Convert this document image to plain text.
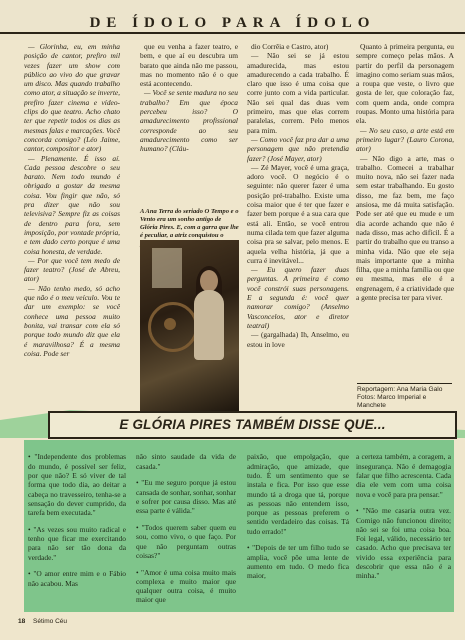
DE ÍDOLO PARA ÍDOLO

— Glorinha, eu, em minha posição de cantor, prefiro mil vezes fazer um show com público ao vivo do que gravar um disco. Mas quando trabalho como ator, a situação se inverte, prefiro fazer cinema e vídeo-clips do que teatro. Acho chato ter que repetir todos os dias as mesmas falas e marcações. Você concorda comigo? (Léo Jaime, cantor, compositor e ator)

— Plenamente. É isso aí. Cada pessoa descobre o seu barato. Nem todo mundo é obrigado a gostar da mesma coisa. Vou fingir que não, só pra dizer que não sou televisiva? Sempre fiz as coisas de dentro para fora, sem imposição, por vontade própria, e tem dado certo porque é uma coisa honesta, de verdade.

— Por que você tem medo de fazer teatro? (José de Abreu, ator)

— Não tenho medo, só acho que não é o meu veículo. Vou te dar um exemplo: se você conhece uma pessoa muito bonita, vai transar com ela só porque todo mundo diz que ela é maravilhosa? É a mesma coisa. Pode ser

que eu venha a fazer teatro, e bem, e que aí eu descubra um barato que ainda não me passou, mas no momento não é o que está acontecendo.

— Você se sente madura no seu trabalho? Em que época percebeu isso? O amadurecimento profissional corresponde ao seu amadurecimento como ser humano? (Cláu-

dio Corrêia e Castro, ator)

— Não sei se já estou amadurecida, mas estou amadurecendo a cada trabalho. É claro que isso é uma coisa que corre junto com a vida particular. Não sei qual das duas vem primeiro, mas que elas correm paralelas, correm. Pelo menos para mim.

— Como você faz pra dar a uma personagem que não pretendia fazer? (José Mayer, ator)

— Zé Mayer, você é uma graça, adoro você. O negócio é o seguinte: não querer fazer é uma posição pré-trabalho. Existe uma coisa maior que é ter que fazer e fazer bem porque é a sua cara que está ali. Então, se você entrou numa cilada tem que fazer alguma coisa pra se salvar, pelo menos. E aquela velha história, já que a curra é inevitável...

— Eu quero fazer duas perguntas. A primeira é como você constrói suas personagens. E a segunda é: você quer namorar comigo? (Anselmo Vasconcelos, ator e diretor teatral)

— (gargalhada) Ih, Anselmo, eu estou in love

Quanto à primeira pergunta, eu sempre começo pelas mãos. A partir do perfil da personagem imagino como seriam suas mãos, a roupa que veste, o livro que gosta de ler, que coloração faz, com quem anda, onde compra roupas. Monto uma história para ela.

— No seu caso, a arte está em primeiro lugar? (Lauro Corona, ator)

— Não digo a arte, mas o trabalho. Comecei a trabalhar muito nova, não sei fazer nada sem estar trabalhando. Eu gosto disso, me faz bem, me faço ansiosa, me dá muita satisfação. Pode ser até que eu mude e um dia acorde achando que não é nada disso, mas acho difícil. É a partir do trabalho que eu transo a minha vida. Não que ele seja mais importante que a minha filha, que a minha família ou que eu mesma, mas ele é a engrenagem, é a criatividade que a gente precisa ter para viver.

A Ana Terra do seriado O Tempo e o Vento era um sonho antigo de Glória Pires. E, com a garra que lhe é peculiar, a atriz conquistou o
Reportagem: Ana Maria Galo
Fotos: Marco Imperial e Manchete
E GLÓRIA PIRES TAMBÉM DISSE QUE...

• "Independente dos problemas do mundo, é possível ser feliz, por que não? E só viver de tal forma que todo dia, ao deitar a cabeça no travesseiro, tenha-se a sensação do dever cumprido, da tarefa bem executada."

• "As vezes sou muito radical e tenho que ficar me exercitando para não ser tão dona da verdade."

• "O amor entre mim e o Fábio não acabou. Mas

não sinto saudade da vida de casada."

• "Eu me seguro porque já estou cansada de sonhar, sonhar, sonhar e sofrer por causa disso. Mas até essa parte é válida."

• "Todos querem saber quem eu sou, como vivo, o que faço. Por que não perguntam outras coisas?"

• "Amor é uma coisa muito mais complexa e muito maior que qualquer outra coisa, é muito maior que

paixão, que empolgação, que admiração, que amizade, que tudo. É um sentimento que se instala e fica. Por isso que esse mundo tá a droga que tá, porque as pessoas não entendem isso, porque as pessoas preferem o sentido verdadeiro das coisas. Tá tudo errado!"

• "Depois de ter um filho tudo se amplia, você põe uma lente de aumento em tudo. O medo fica maior,

a certeza também, a coragem, a insegurança. Não é demagogia falar que filho acrescenta. Cada dia ele vem com uma coisa nova e você para pra pensar."

• "Não me casaria outra vez. Comigo não funcionou direito; não sei se foi uma coisa boa. Foi legal, válido, necessário ter casado. Acho que precisava ter vivido essa experiência para descobrir que essa não é a minha."

18 Sétimo Céu
